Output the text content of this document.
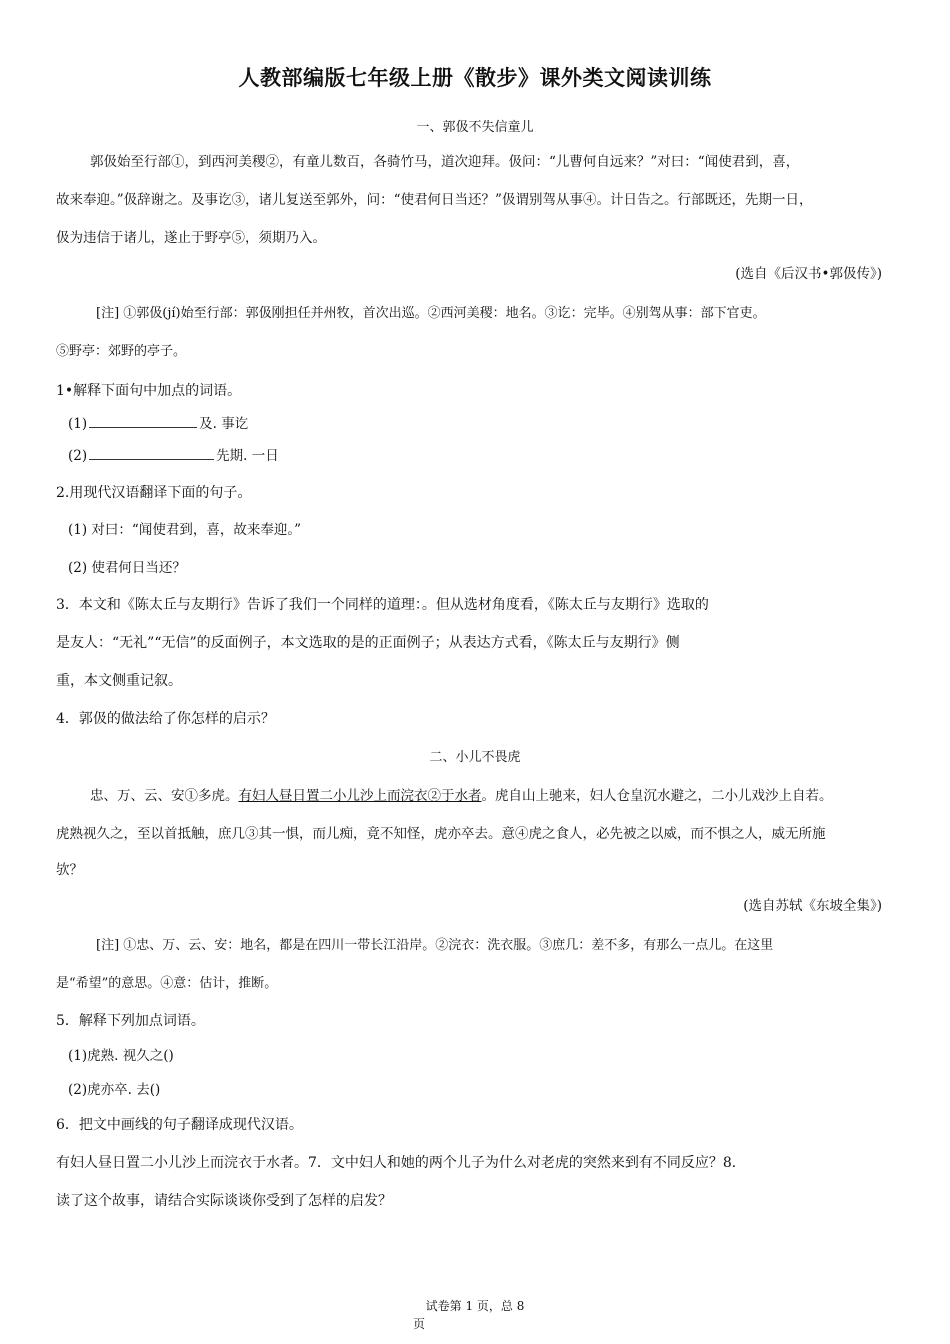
人教部编版七年级上册《散步》课外类文阅读训练
一、郭伋不失信童儿
郭伋始至行部①，到西河美稷②，有童儿数百，各骑竹马，道次迎拜。伋问：“儿曹何自远来？”对曰：“闻使君到，喜，
故来奉迎。”伋辞谢之。及事讫③，诸儿复送至郭外，问：“使君何日当还？”伋谓别驾从事④。计日告之。行部既还，先期一日，
伋为违信于诸儿，遂止于野亭⑤，须期乃入。
(选自《后汉书•郭伋传》)
[注] ①郭伋(jí)始至行部：郭伋刚担任并州牧，首次出巡。②西河美稷：地名。③讫：完毕。④别驾从事：部下官吏。
⑤野亭：郊野的亭子。
1•解释下面句中加点的词语。
(1)	及. 事讫
(2)	先期. 一日
2.用现代汉语翻译下面的句子。
(1) 对曰：“闻使君到，喜，故来奉迎。”
(2) 使君何日当还？
3．本文和《陈太丘与友期行》告诉了我们一个同样的道理：。但从选材角度看，《陈太丘与友期行》选取的
是友人：“无礼”“无信”的反面例子，本文选取的是的正面例子；从表达方式看，《陈太丘与友期行》侧
重，本文侧重记叙。
4．郭伋的做法给了你怎样的启示？
二、小儿不畏虎
忠、万、云、安①多虎。有妇人昼日置二小儿沙上而浣衣②于水者。虎自山上驰来，妇人仓皇沉水避之，二小儿戏沙上自若。
虎熟视久之，至以首抵触，庶几③其一惧，而儿痴，竟不知怪，虎亦卒去。意④虎之食人，必先被之以威，而不惧之人，威无所施
欤？
(选自苏轼《东坡全集》)
[注] ①忠、万、云、安：地名，都是在四川一带长江沿岸。②浣衣：洗衣服。③庶几：差不多，有那么一点儿。在这里
是“希望”的意思。④意：估计，推断。
5．解释下列加点词语。
(1)虎熟. 视久之()
(2)虎亦卒. 去()
6．把文中画线的句子翻译成现代汉语。
有妇人昼日置二小儿沙上而浣衣于水者。7．文中妇人和她的两个儿子为什么对老虎的突然来到有不同反应？8．
读了这个故事，请结合实际谈谈你受到了怎样的启发？
试卷第 1 页，总 8
页
